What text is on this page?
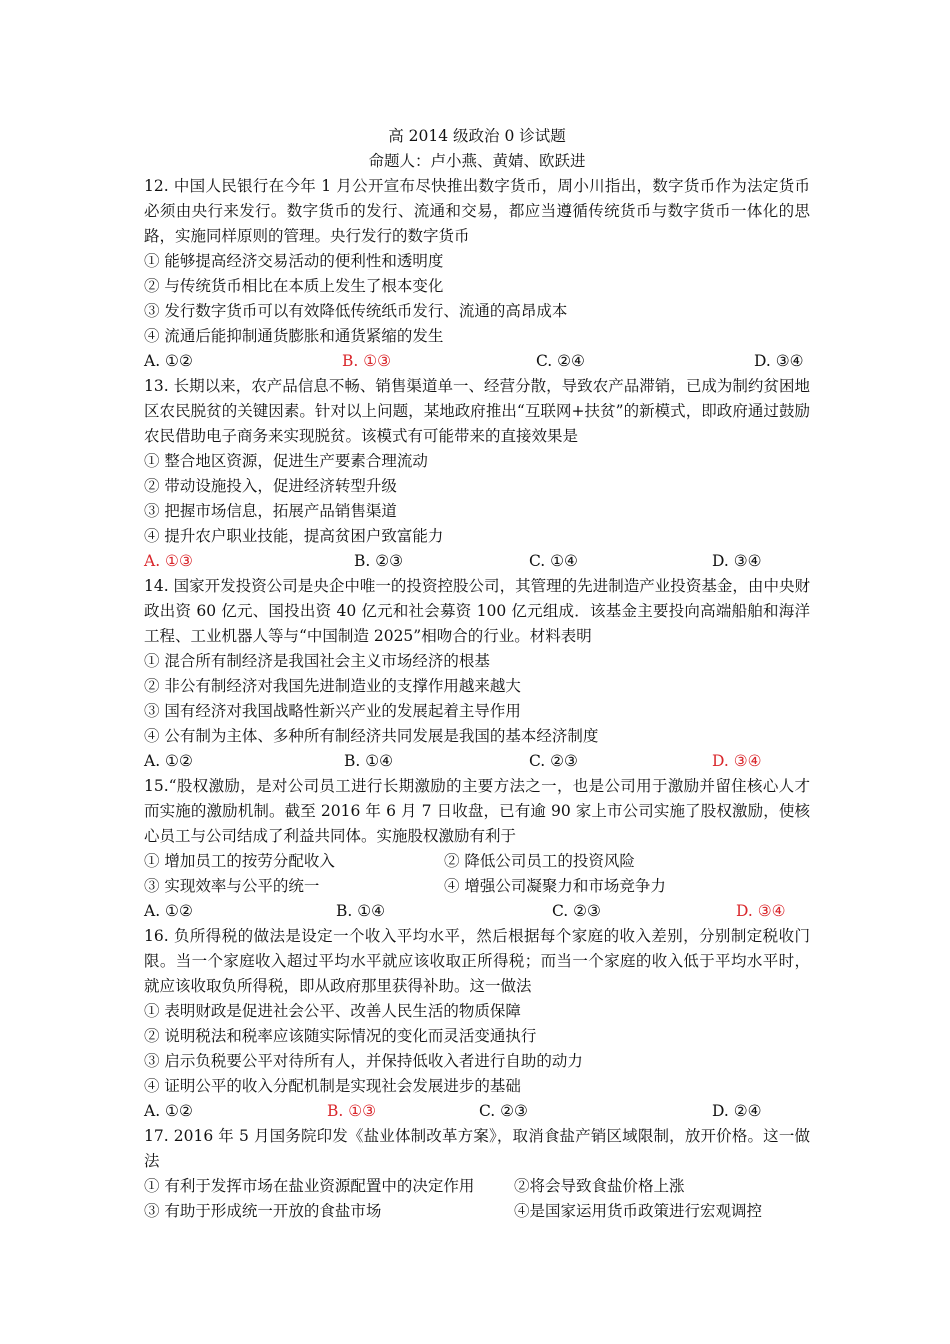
高 2014 级政治 0 诊试题
命题人：卢小燕、黄婧、欧跃进
12. 中国人民银行在今年 1 月公开宣布尽快推出数字货币，周小川指出，数字货币作为法定货币必须由央行来发行。数字货币的发行、流通和交易，都应当遵循传统货币与数字货币一体化的思路，实施同样原则的管理。央行发行的数字货币
① 能够提高经济交易活动的便利性和透明度
② 与传统货币相比在本质上发生了根本变化
③ 发行数字货币可以有效降低传统纸币发行、流通的高昂成本
④ 流通后能抑制通货膨胀和通货紧缩的发生
A. ①②	B. ①③	C. ②④	D. ③④
13. 长期以来，农产品信息不畅、销售渠道单一、经营分散，导致农产品滞销，已成为制约贫困地区农民脱贫的关键因素。针对以上问题，某地政府推出“互联网+扶贫”的新模式，即政府通过鼓励农民借助电子商务来实现脱贫。该模式有可能带来的直接效果是
① 整合地区资源，促进生产要素合理流动
② 带动设施投入，促进经济转型升级
③ 把握市场信息，拓展产品销售渠道
④ 提升农户职业技能，提高贫困户致富能力
A. ①③	B. ②③	C. ①④	D. ③④
14. 国家开发投资公司是央企中唯一的投资控股公司，其管理的先进制造产业投资基金，由中央财政出资 60 亿元、国投出资 40 亿元和社会募资 100 亿元组成．该基金主要投向高端船舶和海洋工程、工业机器人等与“中国制造 2025”相吻合的行业。材料表明
① 混合所有制经济是我国社会主义市场经济的根基
② 非公有制经济对我国先进制造业的支撑作用越来越大
③ 国有经济对我国战略性新兴产业的发展起着主导作用
④ 公有制为主体、多种所有制经济共同发展是我国的基本经济制度
A. ①②	B. ①④	C. ②③	D. ③④
15.“股权激励，是对公司员工进行长期激励的主要方法之一，也是公司用于激励并留住核心人才而实施的激励机制。截至 2016 年 6 月 7 日收盘，已有逾 90 家上市公司实施了股权激励，使核心员工与公司结成了利益共同体。实施股权激励有利于
① 增加员工的按劳分配收入	② 降低公司员工的投资风险
③ 实现效率与公平的统一	④ 增强公司凝聚力和市场竞争力
A. ①②	B. ①④	C. ②③	D. ③④
16. 负所得税的做法是设定一个收入平均水平，然后根据每个家庭的收入差别，分别制定税收门限。当一个家庭收入超过平均水平就应该收取正所得税；而当一个家庭的收入低于平均水平时，就应该收取负所得税，即从政府那里获得补助。这一做法
① 表明财政是促进社会公平、改善人民生活的物质保障
② 说明税法和税率应该随实际情况的变化而灵活变通执行
③ 启示负税要公平对待所有人，并保持低收入者进行自助的动力
④ 证明公平的收入分配机制是实现社会发展进步的基础
A. ①②	B. ①③	C. ②③	D. ②④
17. 2016 年 5 月国务院印发《盐业体制改革方案》，取消食盐产销区域限制，放开价格。这一做法
① 有利于发挥市场在盐业资源配置中的决定作用	②将会导致食盐价格上涨
③ 有助于形成统一开放的食盐市场	④是国家运用货币政策进行宏观调控
